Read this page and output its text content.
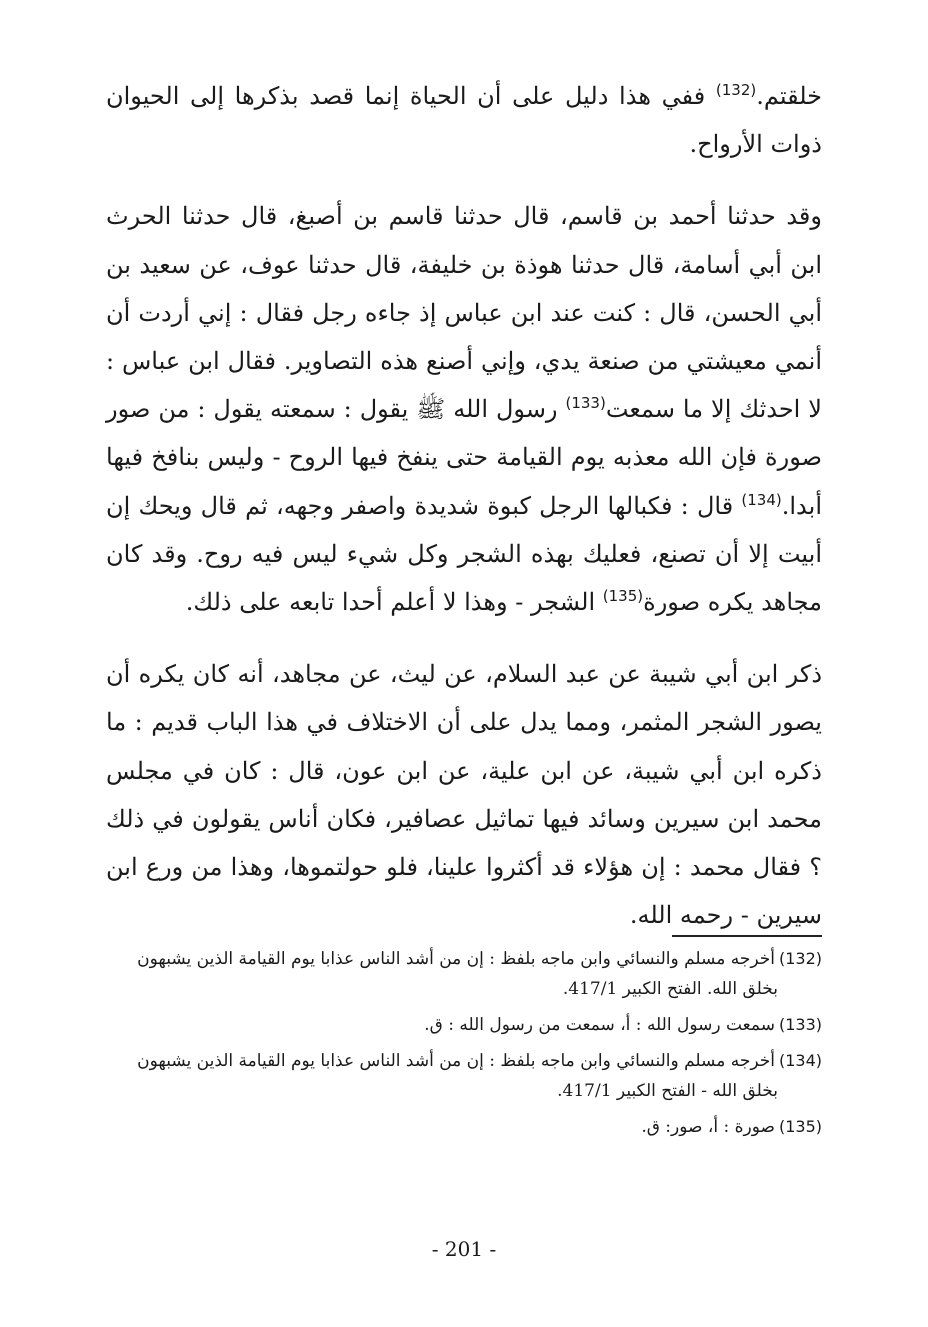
خلقتم.$^{(132)}$ ففي هذا دليل على أن الحياة إنما قصد بذكرها إلى الحيوان ذوات الأرواح.

وقد حدثنا أحمد بن قاسم، قال حدثنا قاسم بن أصبغ، قال حدثنا الحرث ابن أبي أسامة، قال حدثنا هوذة بن خليفة، قال حدثنا عوف، عن سعيد بن أبي الحسن، قال : كنت عند ابن عباس إذ جاءه رجل فقال : إني أردت أن أنمي معيشتي من صنعة يدي، وإني أصنع هذه التصاوير. فقال ابن عباس : لا احدثك إلا ما سمعت$^{(133)}$ رسول الله ﷺ يقول : سمعته يقول : من صور صورة فإن الله معذبه يوم القيامة حتى ينفخ فيها الروح - وليس بنافخ فيها أبدا.$^{(134)}$ قال : فكبالها الرجل كبوة شديدة واصفر وجهه، ثم قال ويحك إن أبيت إلا أن تصنع، فعليك بهذه الشجر وكل شيء ليس فيه روح. وقد كان مجاهد يكره صورة$^{(135)}$ الشجر - وهذا لا أعلم أحدا تابعه على ذلك.

ذكر ابن أبي شيبة عن عبد السلام، عن ليث، عن مجاهد، أنه كان يكره أن يصور الشجر المثمر، ومما يدل على أن الاختلاف في هذا الباب قديم : ما ذكره ابن أبي شيبة، عن ابن علية، عن ابن عون، قال : كان في مجلس محمد ابن سيرين وسائد فيها تماثيل عصافير، فكان أناس يقولون في ذلك ؟ فقال محمد : إن هؤلاء قد أكثروا علينا، فلو حولتموها، وهذا من ورع ابن سيرين - رحمه الله.

(132)أخرجه مسلم والنسائي وابن ماجه بلفظ : إن من أشد الناس عذابا يوم القيامة الذين يشبهون
بخلق الله. الفتح الكبير 417/1.

(133)سمعت رسول الله : أ، سمعت من رسول الله : ق.

(134)أخرجه مسلم والنسائي وابن ماجه بلفظ : إن من أشد الناس عذابا يوم القيامة الذين يشبهون
بخلق الله - الفتح الكبير 417/1.

(135)صورة : أ، صور: ق.

- 201 -
